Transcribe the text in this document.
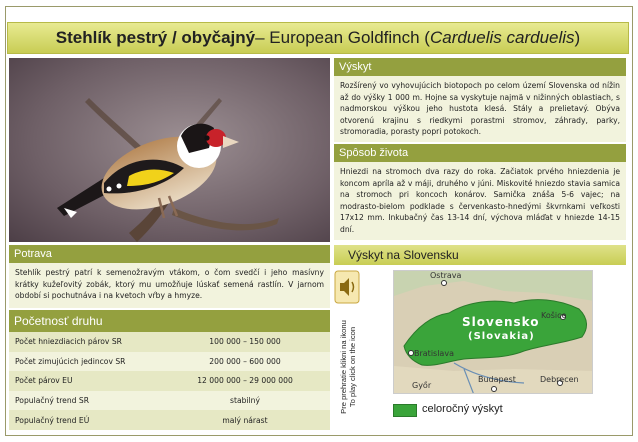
Stehlík pestrý / obyčajný – European Goldfinch ( Carduelis carduelis )
Výskyt
Rozšírený vo vyhovujúcich biotopoch po celom území Slovenska od nížin až do výšky 1 000 m. Hojne sa vyskytuje najmä v nižinných oblastiach, s nadmorskou výškou jeho hustota klesá. Stály a prelietavý. Obýva otvorenú krajinu s riedkymi porastmi stromov, záhrady, parky, stromoradia, porasty popri potokoch.
Spôsob života
Hniezdi na stromoch dva razy do roka. Začiatok prvého hniezdenia je koncom apríla až v máji, druhého v júni. Miskovité hniezdo stavia samica na stromoch pri koncoch konárov. Samička znáša 5-6 vajec; na modrasto-bielom podklade s červenkasto-hnedými škvrnkami veľkosti 17x12 mm. Inkubačný čas 13-14 dní, výchova mláďat v hniezde 14-15 dní.
Potrava
Stehlík pestrý patrí k semenožravým vtákom, o čom svedčí i jeho masívny krátky kužeľovitý zobák, ktorý mu umožňuje lúskať semená rastlín. V jarnom období si pochutnáva i na kvetoch vŕby a hmyze.
Početnosť druhu
Počet hniezdiacich párov SR	100 000 – 150 000
Počet zimujúcich jedincov SR	200 000 – 600 000
Počet párov EU	12 000 000 – 29 000 000
Populačný trend SR	stabilný
Populačný trend EÚ	malý nárast
Výskyt na Slovensku
Pre prehratie klikni na ikonu To play click on the icon
Ostrava
Slovensko
(Slovakia)
Košice
Bratislava
Győr
Budapest	Debrecen
celoročný výskyt
